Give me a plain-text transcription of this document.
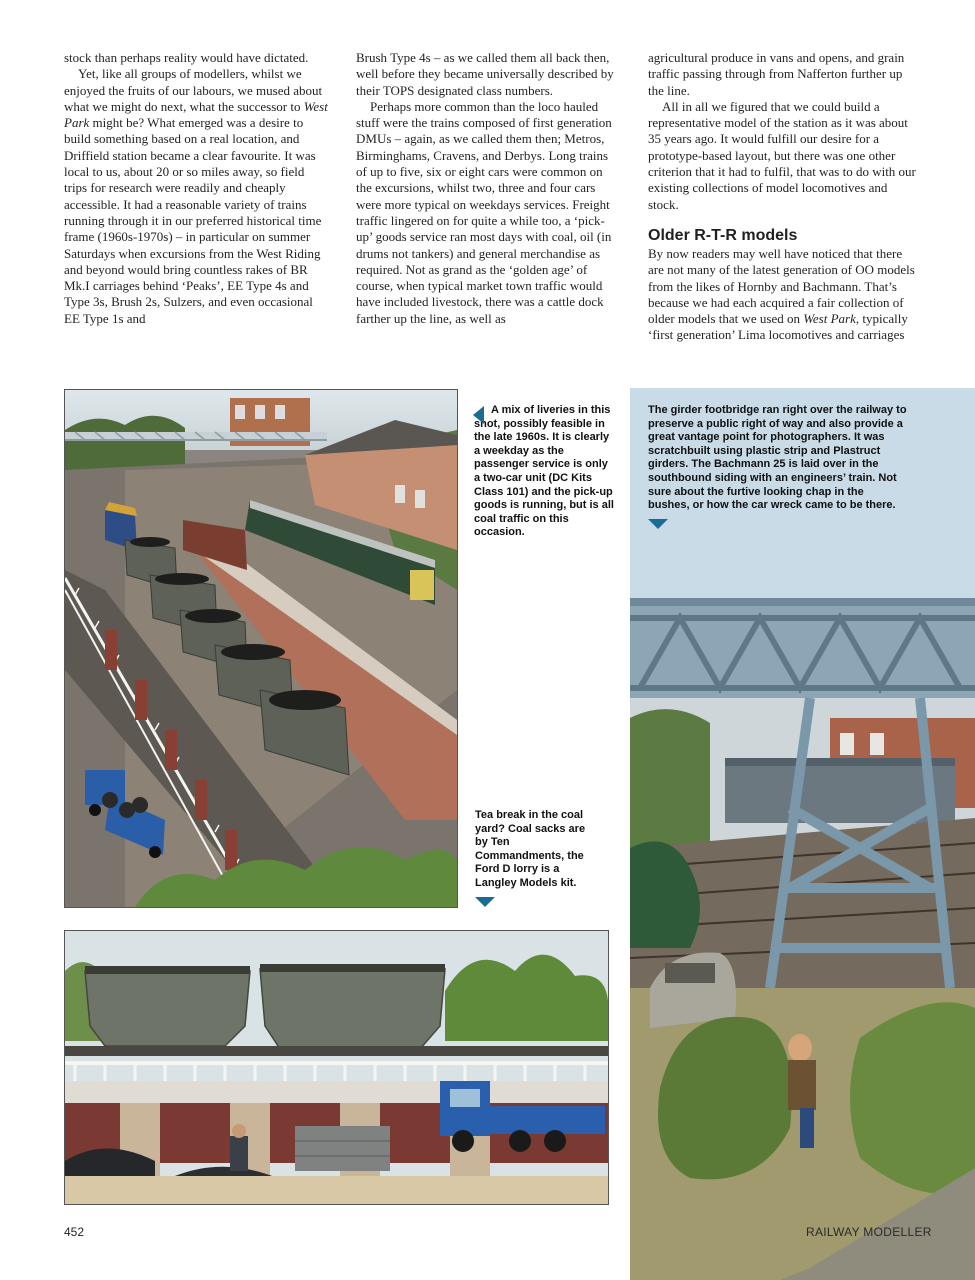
stock than perhaps reality would have dictated.

Yet, like all groups of modellers, whilst we enjoyed the fruits of our labours, we mused about what we might do next, what the successor to West Park might be? What emerged was a desire to build something based on a real location, and Driffield station became a clear favourite. It was local to us, about 20 or so miles away, so field trips for research were readily and cheaply accessible. It had a reasonable variety of trains running through it in our preferred historical time frame (1960s-1970s) – in particular on summer Saturdays when excursions from the West Riding and beyond would bring countless rakes of BR Mk.I carriages behind ‘Peaks’, EE Type 4s and Type 3s, Brush 2s, Sulzers, and even occasional EE Type 1s and

Brush Type 4s – as we called them all back then, well before they became universally described by their TOPS designated class numbers.

Perhaps more common than the loco hauled stuff were the trains composed of first generation DMUs – again, as we called them then; Metros, Birminghams, Cravens, and Derbys. Long trains of up to five, six or eight cars were common on the excursions, whilst two, three and four cars were more typical on weekdays services. Freight traffic lingered on for quite a while too, a ‘pick-up’ goods service ran most days with coal, oil (in drums not tankers) and general merchandise as required. Not as grand as the ‘golden age’ of course, when typical market town traffic would have included livestock, there was a cattle dock farther up the line, as well as

agricultural produce in vans and opens, and grain traffic passing through from Nafferton further up the line.

All in all we figured that we could build a representative model of the station as it was about 35 years ago. It would fulfill our desire for a prototype-based layout, but there was one other criterion that it had to fulfil, that was to do with our existing collections of model locomotives and stock.

Older R-T-R models

By now readers may well have noticed that there are not many of the latest generation of OO models from the likes of Hornby and Bachmann. That’s because we had each acquired a fair collection of older models that we used on West Park, typically ‘first generation’ Lima locomotives and carriages

A mix of liveries in this shot, possibly feasible in the late 1960s. It is clearly a weekday as the passenger service is only a two-car unit (DC Kits Class 101) and the pick-up goods is running, but is all coal traffic on this occasion.
Tea break in the coal yard? Coal sacks are by Ten Commandments, the Ford D lorry is a Langley Models kit.
The girder footbridge ran right over the railway to preserve a public right of way and also provide a great vantage point for photographers. It was scratchbuilt using plastic strip and Plastruct girders. The Bachmann 25 is laid over in the southbound siding with an engineers’ train. Not sure about the furtive looking chap in the bushes, or how the car wreck came to be there.
452	RAILWAY MODELLER
